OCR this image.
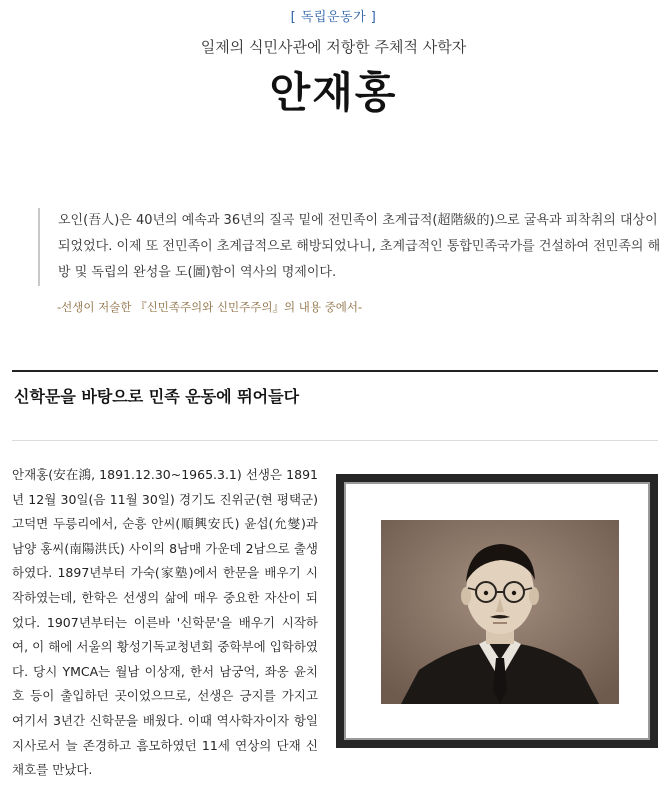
[ 독립운동가 ]
일제의 식민사관에 저항한 주체적 사학자
안재홍

오인(吾人)은 40년의 예속과 36년의 질곡 밑에 전민족이 초계급적(超階級的)으로 굴욕과 피착취의 대상이 되었었다. 이제 또 전민족이 초계급적으로 해방되었나니, 초계급적인 통합민족국가를 건설하여 전민족의 해방 및 독립의 완성을 도(圖)함이 역사의 명제이다.

-선생이 저술한 『신민족주의와 신민주주의』의 내용 중에서-
신학문을 바탕으로 민족 운동에 뛰어들다

안재홍(安在鴻, 1891.12.30~1965.3.1) 선생은 1891년 12월 30일(음 11월 30일) 경기도 진위군(현 평택군) 고덕면 두릉리에서, 순흥 안씨(順興安氏) 윤섭(允燮)과 남양 홍씨(南陽洪氏) 사이의 8남매 가운데 2남으로 출생하였다. 1897년부터 가숙(家塾)에서 한문을 배우기 시작하였는데, 한학은 선생의 삶에 매우 중요한 자산이 되었다. 1907년부터는 이른바 '신학문'을 배우기 시작하여, 이 해에 서울의 황성기독교청년회 중학부에 입학하였다. 당시 YMCA는 월남 이상재, 한서 남궁억, 좌옹 윤치호 등이 출입하던 곳이었으므로, 선생은 긍지를 가지고 여기서 3년간 신학문을 배웠다. 이때 역사학자이자 항일지사로서 늘 존경하고 흠모하였던 11세 연상의 단재 신채호를 만났다.
